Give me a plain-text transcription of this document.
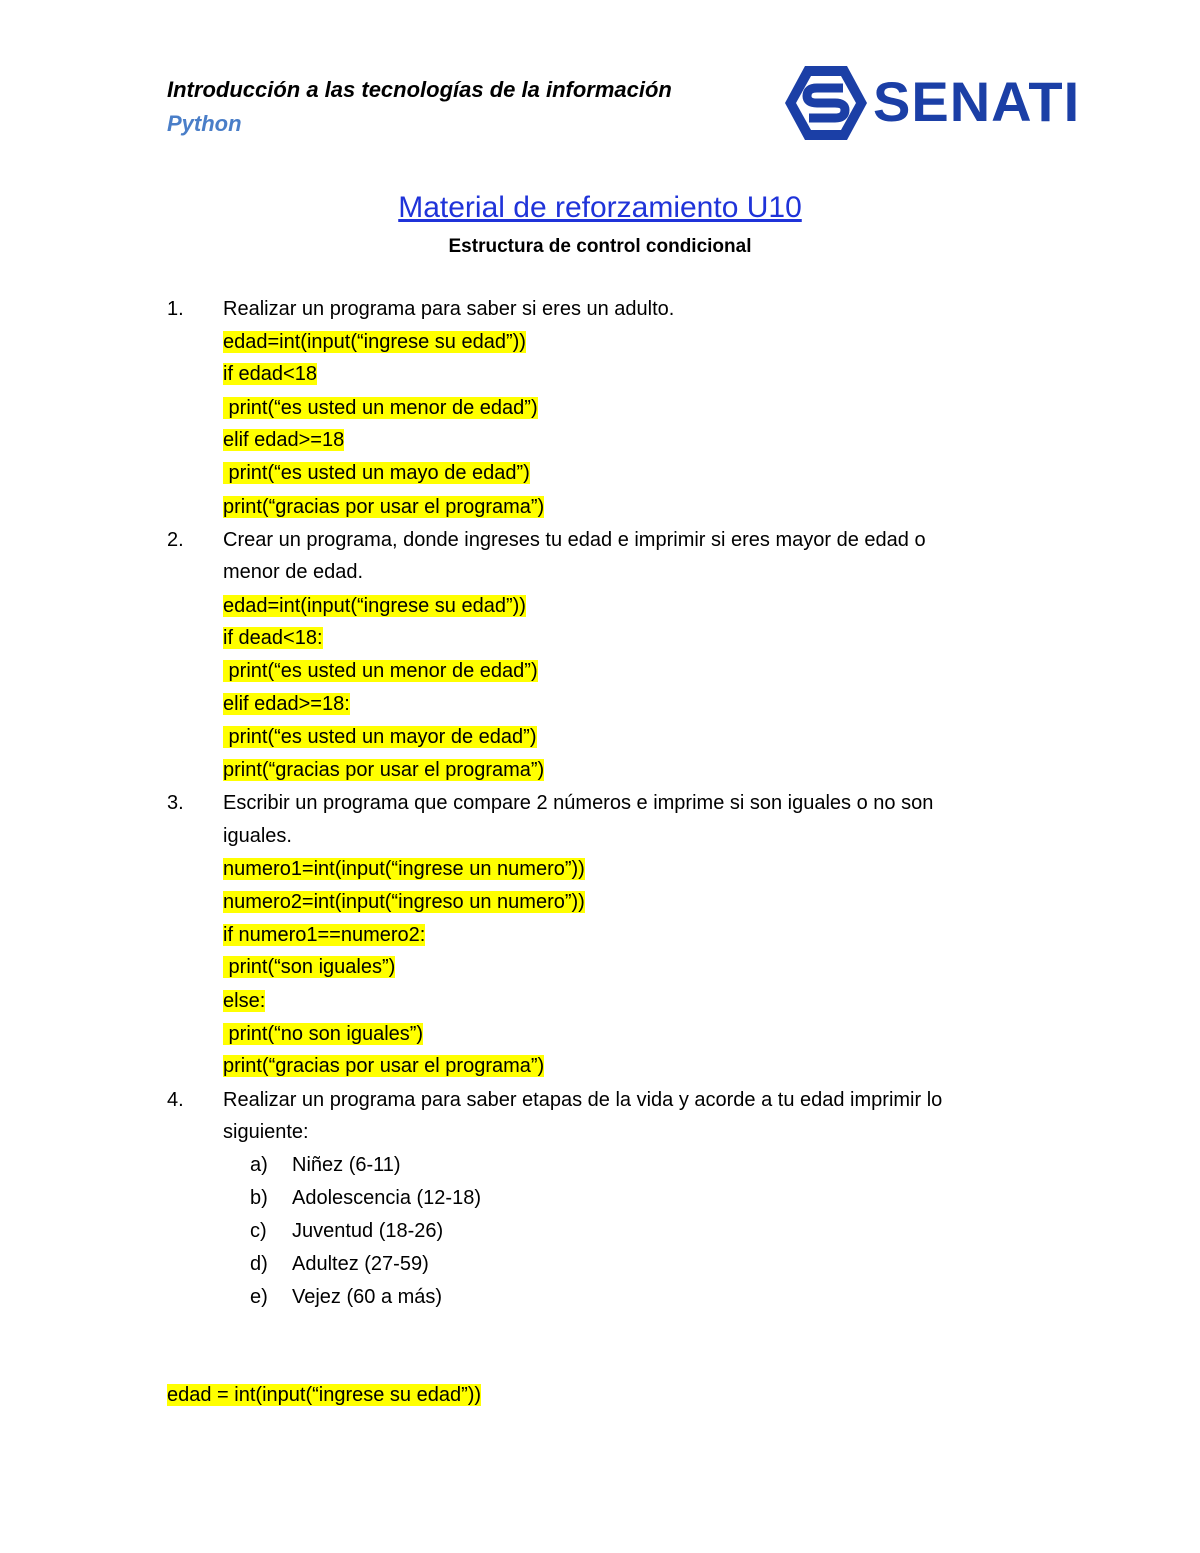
Introducción a las tecnologías de la información
Python	SENATI
Material de reforzamiento U10
Estructura de control condicional
1. Realizar un programa para saber si eres un adulto.
edad=int(input(“ingrese su edad”))
if edad<18
print(“es usted un menor de edad”)
elif edad>=18
print(“es usted un mayo de edad”)
print(“gracias por usar el programa”)
2. Crear un programa, donde ingreses tu edad e imprimir si eres mayor de edad o
menor de edad.
edad=int(input(“ingrese su edad”))
if dead<18:
print(“es usted un menor de edad”)
elif edad>=18:
print(“es usted un mayor de edad”)
print(“gracias por usar el programa”)
3. Escribir un programa que compare 2 números e imprime si son iguales o no son
iguales.
numero1=int(input(“ingrese un numero”))
numero2=int(input(“ingreso un numero”))
if numero1==numero2:
print(“son iguales”)
else:
print(“no son iguales”)
print(“gracias por usar el programa”)
4. Realizar un programa para saber etapas de la vida y acorde a tu edad imprimir lo
siguiente:
a) Niñez (6-11)
b) Adolescencia (12-18)
c) Juventud (18-26)
d) Adultez (27-59)
e) Vejez (60 a más)
edad = int(input(“ingrese su edad”))
